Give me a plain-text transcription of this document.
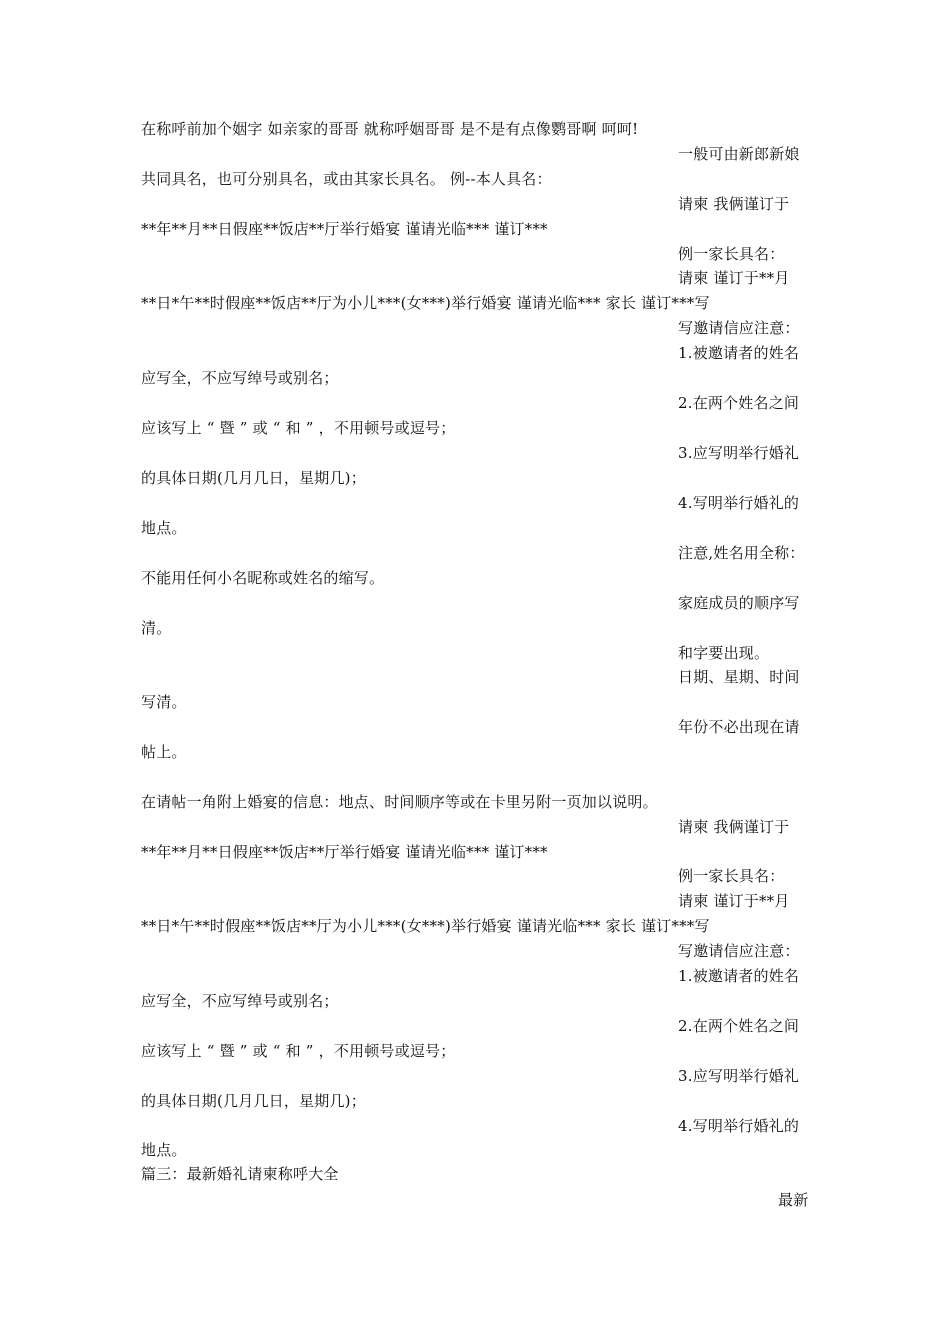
在称呼前加个姻字 如亲家的哥哥 就称呼姻哥哥 是不是有点像鹦哥啊 呵呵!
一般可由新郎新娘
共同具名，也可分别具名，或由其家长具名。 例--本人具名：
请柬 我俩谨订于
**年**月**日假座**饭店**厅举行婚宴 谨请光临*** 谨订***
例一家长具名：
请柬 谨订于**月
**日*午**时假座**饭店**厅为小儿***(女***)举行婚宴 谨请光临*** 家长 谨订***写
写邀请信应注意：
1.被邀请者的姓名
应写全，不应写绰号或别名；
2.在两个姓名之间
应该写上 “ 暨 ” 或 “ 和 ” ，不用顿号或逗号；
3.应写明举行婚礼
的具体日期(几月几日，星期几)；
4.写明举行婚礼的
地点。
注意,姓名用全称：
不能用任何小名昵称或姓名的缩写。
家庭成员的顺序写
清。
和字要出现。
日期、星期、时间
写清。
年份不必出现在请
帖上。
在请帖一角附上婚宴的信息：地点、时间顺序等或在卡里另附一页加以说明。
请柬 我俩谨订于
**年**月**日假座**饭店**厅举行婚宴 谨请光临*** 谨订***
例一家长具名：
请柬 谨订于**月
**日*午**时假座**饭店**厅为小儿***(女***)举行婚宴 谨请光临*** 家长 谨订***写
写邀请信应注意：
1.被邀请者的姓名
应写全，不应写绰号或别名；
2.在两个姓名之间
应该写上 “ 暨 ” 或 “ 和 ” ，不用顿号或逗号；
3.应写明举行婚礼
的具体日期(几月几日，星期几)；
4.写明举行婚礼的
地点。
篇三：最新婚礼请柬称呼大全
最新
